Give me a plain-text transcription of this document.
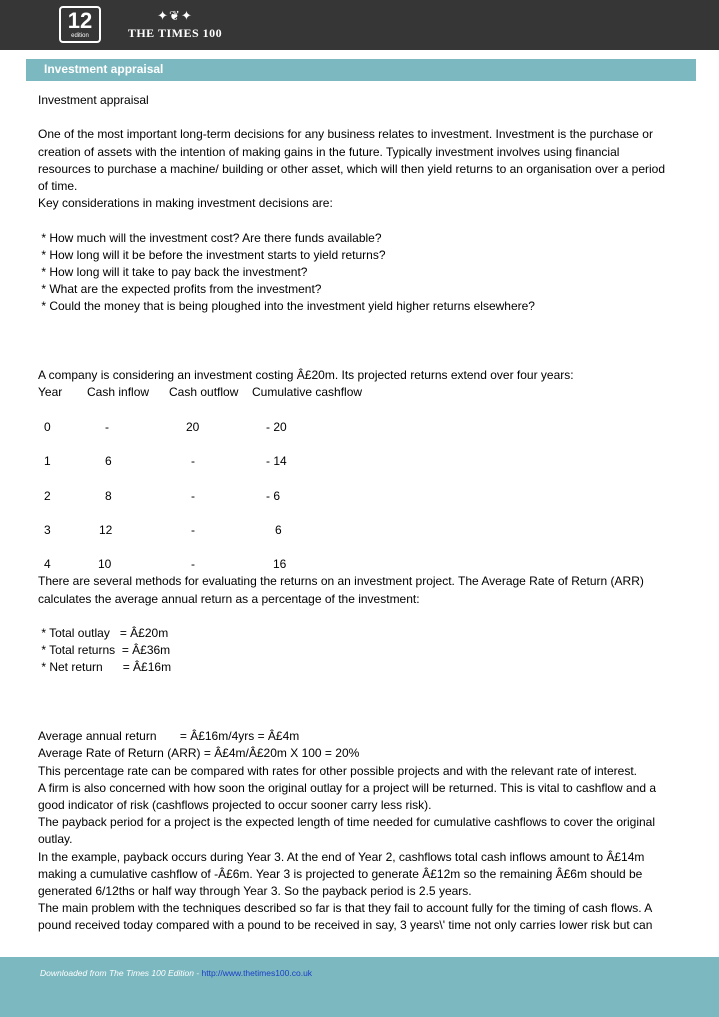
12
edition
✦❦✦
THE TIMES 100
Investment appraisal

Investment appraisal

One of the most important long-term decisions for any business relates to investment. Investment is the purchase or

creation of assets with the intention of making gains in the future. Typically investment involves using financial

resources to purchase a machine/ building or other asset, which will then yield returns to an organisation over a period

of time.

Key considerations in making investment decisions are:

* How much will the investment cost? Are there funds available?

* How long will it be before the investment starts to yield returns?

* How long will it take to pay back the investment?

* What are the expected profits from the investment?

* Could the money that is being ploughed into the investment yield higher returns elsewhere?

A company is considering an investment costing Â£20m. Its projected returns extend over four years:

Year Cash inflow Cash outflow Cumulative cashflow
0	-	20	- 20
1	6	-	- 14
2	8	-	- 6
3	12	-	6
4	10	-	16

There are several methods for evaluating the returns on an investment project. The Average Rate of Return (ARR)

calculates the average annual return as a percentage of the investment:

* Total outlay   = Â£20m

* Total returns  = Â£36m

* Net return      = Â£16m

Average annual return       = Â£16m/4yrs = Â£4m

Average Rate of Return (ARR) = Â£4m/Â£20m X 100 = 20%

This percentage rate can be compared with rates for other possible projects and with the relevant rate of interest.

A firm is also concerned with how soon the original outlay for a project will be returned. This is vital to cashflow and a

good indicator of risk (cashflows projected to occur sooner carry less risk).

The payback period for a project is the expected length of time needed for cumulative cashflows to cover the original

outlay.

In the example, payback occurs during Year 3. At the end of Year 2, cashflows total cash inflows amount to Â£14m

making a cumulative cashflow of -Â£6m. Year 3 is projected to generate Â£12m so the remaining Â£6m should be

generated 6/12ths or half way through Year 3. So the payback period is 2.5 years.

The main problem with the techniques described so far is that they fail to account fully for the timing of cash flows. A

pound received today compared with a pound to be received in say, 3 years\' time not only carries lower risk but can

Downloaded from The Times 100 Edition - http://www.thetimes100.co.uk
